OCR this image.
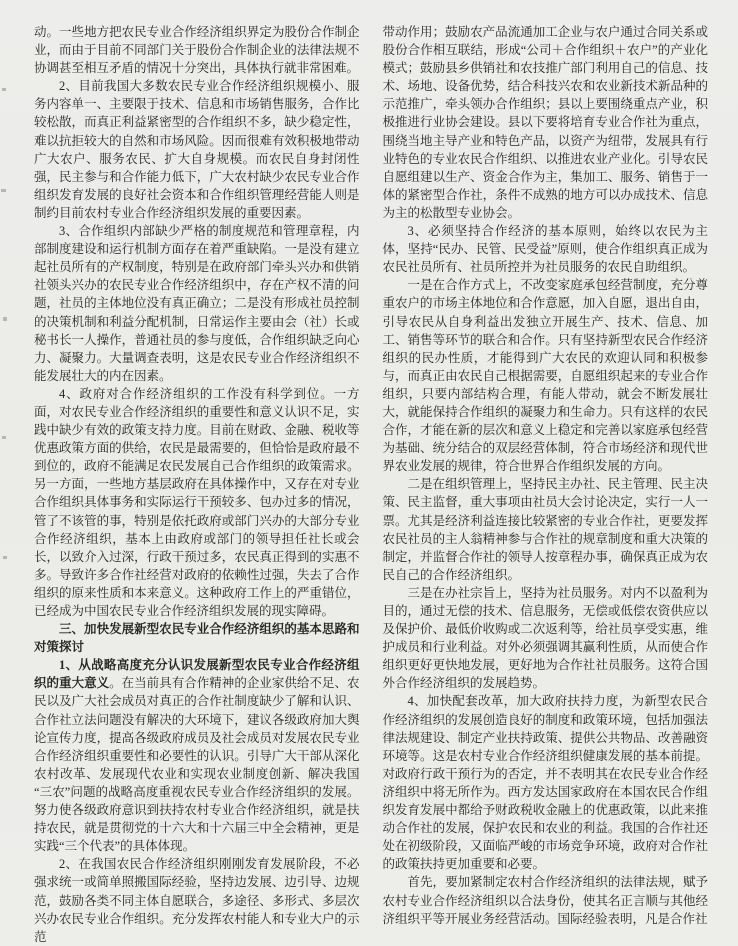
动。一些地方把农民专业合作经济组织界定为股份合作制企业，而由于目前不同部门关于股份合作制企业的法律法规不协调甚至相互矛盾的情况十分突出，具体执行就非常困难。

2、目前我国大多数农民专业合作经济组织规模小、服务内容单一、主要限于技术、信息和市场销售服务，合作比较松散，而真正利益紧密型的合作组织不多，缺少稳定性，难以抗拒较大的自然和市场风险。因而很难有效积极地带动广大农户、服务农民、扩大自身规模。而农民自身封闭性强，民主参与和合作能力低下，广大农村缺少农民专业合作组织发育发展的良好社会资本和合作组织管理经营能人则是制约目前农村专业合作经济组织发展的重要因素。

3、合作组织内部缺少严格的制度规范和管理章程，内部制度建设和运行机制方面存在着严重缺陷。一是没有建立起社员所有的产权制度，特别是在政府部门牵头兴办和供销社领头兴办的农民专业合作经济组织中，存在产权不清的问题，社员的主体地位没有真正确立；二是没有形成社员控制的决策机制和利益分配机制，日常运作主要由会（社）长或秘书长一人操作，普通社员的参与度低，合作组织缺乏向心力、凝聚力。大量调查表明，这是农民专业合作经济组织不能发展壮大的内在因素。

4、政府对合作经济组织的工作没有科学到位。一方面，对农民专业合作经济组织的重要性和意义认识不足，实践中缺少有效的政策支持力度。目前在财政、金融、税收等优惠政策方面的供给，农民是最需要的，但恰恰是政府最不到位的，政府不能满足农民发展自己合作组织的政策需求。另一方面，一些地方基层政府在具体操作中，又存在对专业合作组织具体事务和实际运行干预较多、包办过多的情况，管了不该管的事，特别是依托政府或部门兴办的大部分专业合作经济组织，基本上由政府或部门的领导担任社长或会长，以致介入过深，行政干预过多，农民真正得到的实惠不多。导致许多合作社经营对政府的依赖性过强，失去了合作组织的原来性质和本来意义。这种政府工作上的严重错位，已经成为中国农民专业合作经济组织发展的现实障碍。

三、加快发展新型农民专业合作经济组织的基本思路和对策探讨

1、从战略高度充分认识发展新型农民专业合作经济组织的重大意义。在当前具有合作精神的企业家供给不足、农民以及广大社会成员对真正的合作社制度缺少了解和认识、合作社立法问题没有解决的大环境下，建议各级政府加大舆论宣传力度，提高各级政府成员及社会成员对发展农民专业合作经济组织重要性和必要性的认识。引导广大干部从深化农村改革、发展现代农业和实现农业制度创新、解决我国“三农”问题的战略高度重视农民专业合作经济组织的发展。努力使各级政府意识到扶持农村专业合作经济组织，就是扶持农民，就是贯彻党的十六大和十六届三中全会精神，更是实践“三个代表”的具体体现。

2、在我国农民合作经济组织刚刚发育发展阶段，不必强求统一或简单照搬国际经验，坚持边发展、边引导、边规范，鼓励各类不同主体自愿联合，多途径、多形式、多层次兴办农民专业合作组织。充分发挥农村能人和专业大户的示范

带动作用；鼓励农产品流通加工企业与农户通过合同关系或股份合作相互联结，形成“公司＋合作组织＋农户”的产业化模式；鼓励县乡供销社和农技推广部门利用自己的信息、技术、场地、设备优势，结合科技兴农和农业新技术新品种的示范推广，牵头领办合作组织；县以上要围绕重点产业，积极推进行业协会建设。县以下要将培育专业合作社为重点，围绕当地主导产业和特色产品，以资产为纽带，发展具有行业特色的专业农民合作组织、以推进农业产业化。引导农民自愿组建以生产、资金合作为主，集加工、服务、销售于一体的紧密型合作社，条件不成熟的地方可以办成技术、信息为主的松散型专业协会。

3、必须坚持合作经济的基本原则，始终以农民为主体，坚持“民办、民管、民受益”原则，使合作组织真正成为农民社员所有、社员所控并为社员服务的农民自助组织。

一是在合作方式上，不改变家庭承包经营制度，充分尊重农户的市场主体地位和合作意愿，加入自愿，退出自由，引导农民从自身利益出发独立开展生产、技术、信息、加工、销售等环节的联合和合作。只有坚持新型农民合作经济组织的民办性质，才能得到广大农民的欢迎认同和积极参与，而真正由农民自己根据需要，自愿组织起来的专业合作组织，只要内部结构合理，有能人带动，就会不断发展壮大，就能保持合作组织的凝聚力和生命力。只有这样的农民合作，才能在新的层次和意义上稳定和完善以家庭承包经营为基础、统分结合的双层经营体制，符合市场经济和现代世界农业发展的规律，符合世界合作组织发展的方向。

二是在组织管理上，坚持民主办社、民主管理、民主决策、民主监督，重大事项由社员大会讨论决定，实行一人一票。尤其是经济利益连接比较紧密的专业合作社，更要发挥农民社员的主人翁精神参与合作社的规章制度和重大决策的制定，并监督合作社的领导人按章程办事，确保真正成为农民自己的合作经济组织。

三是在办社宗旨上，坚持为社员服务。对内不以盈利为目的，通过无偿的技术、信息服务，无偿或低偿农资供应以及保护价、最低价收购或二次返利等，给社员享受实惠，维护成员和行业利益。对外必须强调其赢利性质，从而使合作组织更好更快地发展，更好地为合作社社员服务。这符合国外合作经济组织的发展趋势。

4、加快配套改革，加大政府扶持力度，为新型农民合作经济组织的发展创造良好的制度和政策环境，包括加强法律法规建设、制定产业扶持政策、提供公共物品、改善融资环境等。这是农村专业合作经济组织健康发展的基本前提。对政府行政干预行为的否定，并不表明其在农民专业合作经济组织中将无所作为。西方发达国家政府在本国农民合作组织发育发展中都给予财政税收金融上的优惠政策，以此来推动合作社的发展，保护农民和农业的利益。我国的合作社还处在初级阶段，又面临严峻的市场竞争环境，政府对合作社的政策扶持更加重要和必要。

首先，要加紧制定农村合作经济组织的法律法规，赋予农村专业合作经济组织以合法身份，使其名正言顺与其他经济组织平等开展业务经营活动。国际经验表明，凡是合作社
